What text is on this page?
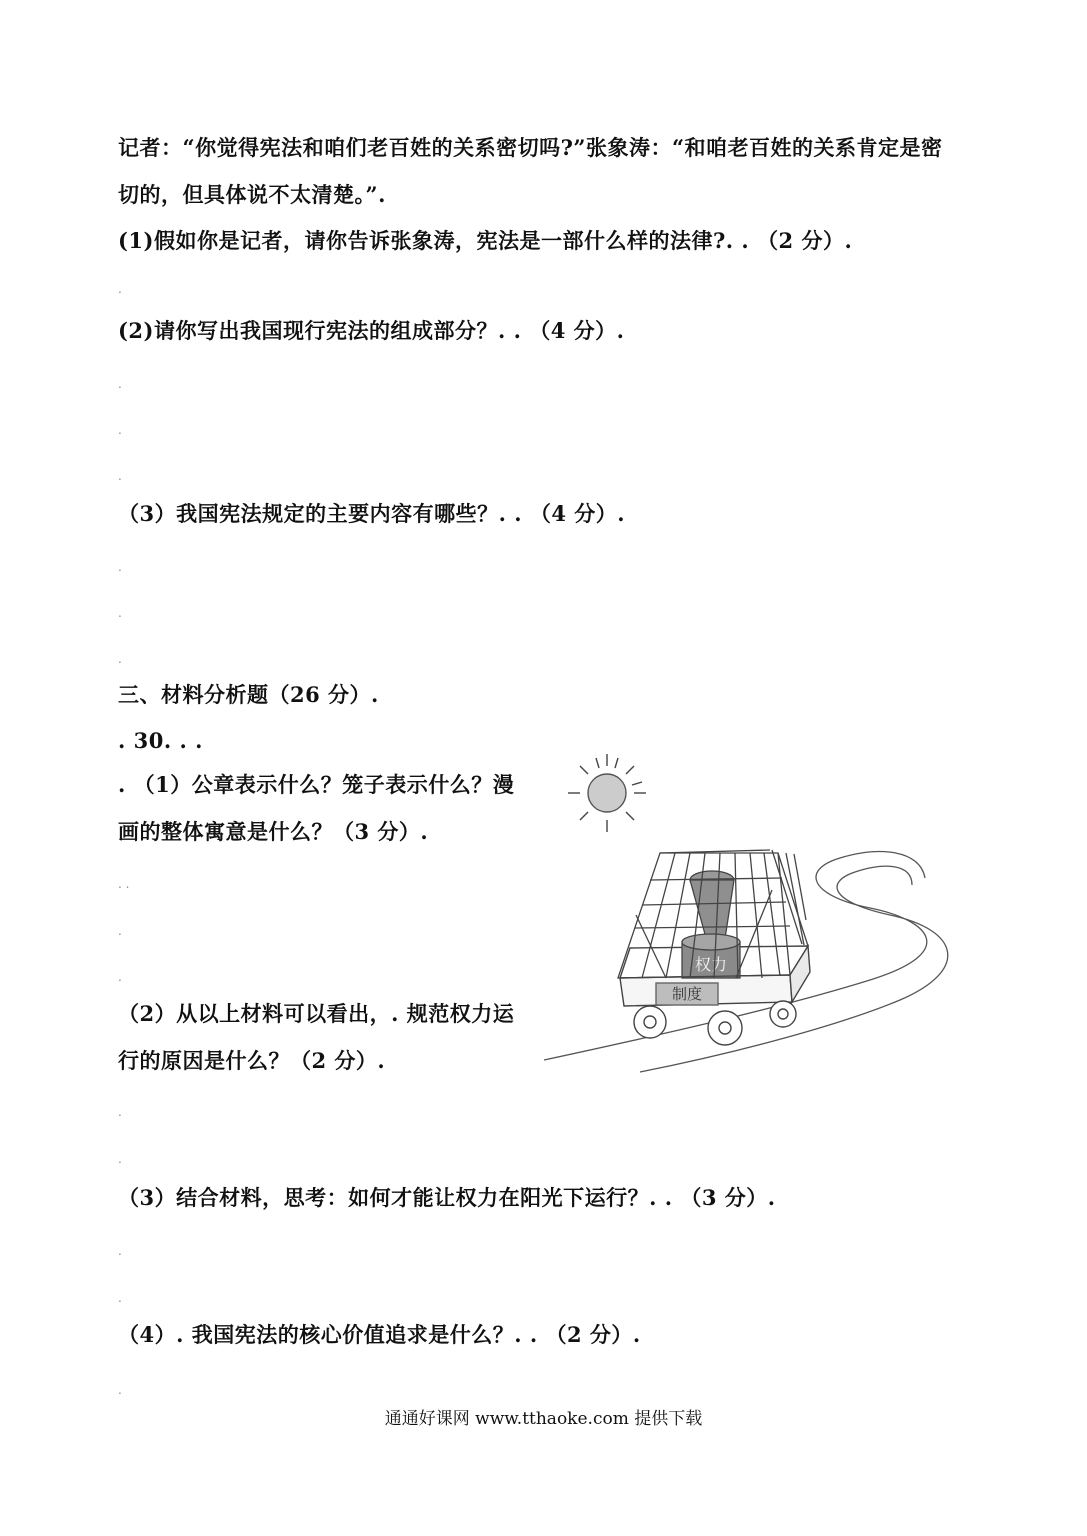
记者：“你觉得宪法和咱们老百姓的关系密切吗?”张象涛：“和咱老百姓的关系肯定是密
切的，但具体说不太清楚。”.
(1)假如你是记者，请你告诉张象涛，宪法是一部什么样的法律?. . （2 分）.
.
(2)请你写出我国现行宪法的组成部分？. . （4 分）.
.
.
.
（3）我国宪法规定的主要内容有哪些？. . （4 分）.
.
.
.
三、材料分析题（26 分）.
. 30. . .
. （1）公章表示什么？笼子表示什么？漫
画的整体寓意是什么？（3 分）.
. .
.
.
（2）从以上材料可以看出，. 规范权力运
行的原因是什么？（2 分）.
.
.
（3）结合材料，思考：如何才能让权力在阳光下运行？. . （3 分）.
.
.
（4）. 我国宪法的核心价值追求是什么？. . （2 分）.
.
制度
权力
通通好课网 www.tthaoke.com 提供下载
